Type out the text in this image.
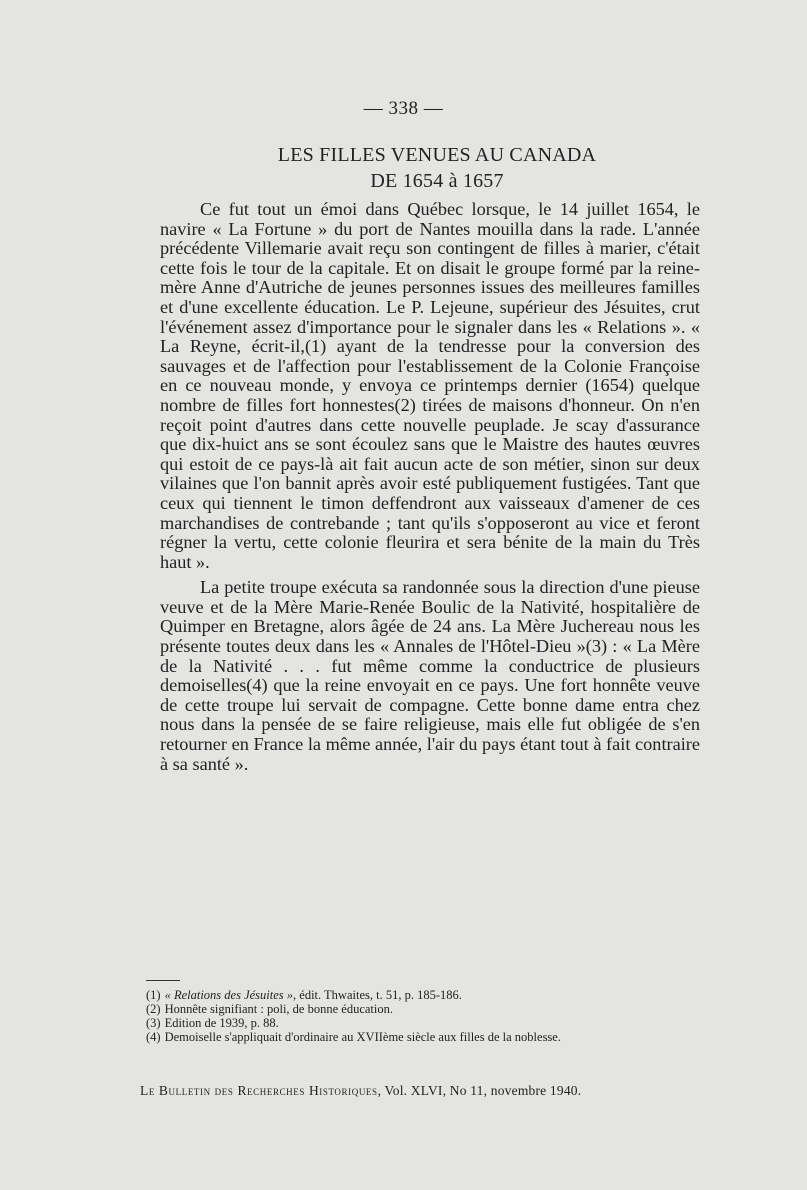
— 338 —
LES FILLES VENUES AU CANADA
DE 1654 à 1657

Ce fut tout un émoi dans Québec lorsque, le 14 juillet 1654, le navire « La Fortune » du port de Nantes mouilla dans la rade. L'année précédente Villemarie avait reçu son contingent de filles à marier, c'était cette fois le tour de la capitale. Et on disait le groupe formé par la reine-mère Anne d'Autriche de jeunes personnes issues des meilleures familles et d'une excellente éducation. Le P. Lejeune, supérieur des Jésuites, crut l'événement assez d'importance pour le signaler dans les « Relations ». « La Reyne, écrit-il,(1) ayant de la tendresse pour la conversion des sauvages et de l'affection pour l'establissement de la Colonie Françoise en ce nouveau monde, y envoya ce printemps dernier (1654) quelque nombre de filles fort honnestes(2) tirées de maisons d'honneur. On n'en reçoit point d'autres dans cette nouvelle peuplade. Je scay d'assurance que dix-huict ans se sont écoulez sans que le Maistre des hautes œuvres qui estoit de ce pays-là ait fait aucun acte de son métier, sinon sur deux vilaines que l'on bannit après avoir esté publiquement fustigées. Tant que ceux qui tiennent le timon deffendront aux vaisseaux d'amener de ces marchandises de contrebande ; tant qu'ils s'opposeront au vice et feront régner la vertu, cette colonie fleurira et sera bénite de la main du Très haut ».

La petite troupe exécuta sa randonnée sous la direction d'une pieuse veuve et de la Mère Marie-Renée Boulic de la Nativité, hospitalière de Quimper en Bretagne, alors âgée de 24 ans. La Mère Juchereau nous les présente toutes deux dans les « Annales de l'Hôtel-Dieu »(3) : « La Mère de la Nativité . . . fut même comme la conductrice de plusieurs demoiselles(4) que la reine envoyait en ce pays. Une fort honnête veuve de cette troupe lui servait de compagne. Cette bonne dame entra chez nous dans la pensée de se faire religieuse, mais elle fut obligée de s'en retourner en France la même année, l'air du pays étant tout à fait contraire à sa santé ».

(1) « Relations des Jésuites », édit. Thwaites, t. 51, p. 185-186.
(2) Honnête signifiant : poli, de bonne éducation.
(3) Edition de 1939, p. 88.
(4) Demoiselle s'appliquait d'ordinaire au XVIIème siècle aux filles de la noblesse.
Le Bulletin des Recherches Historiques, Vol. XLVI, No 11, novembre 1940.
